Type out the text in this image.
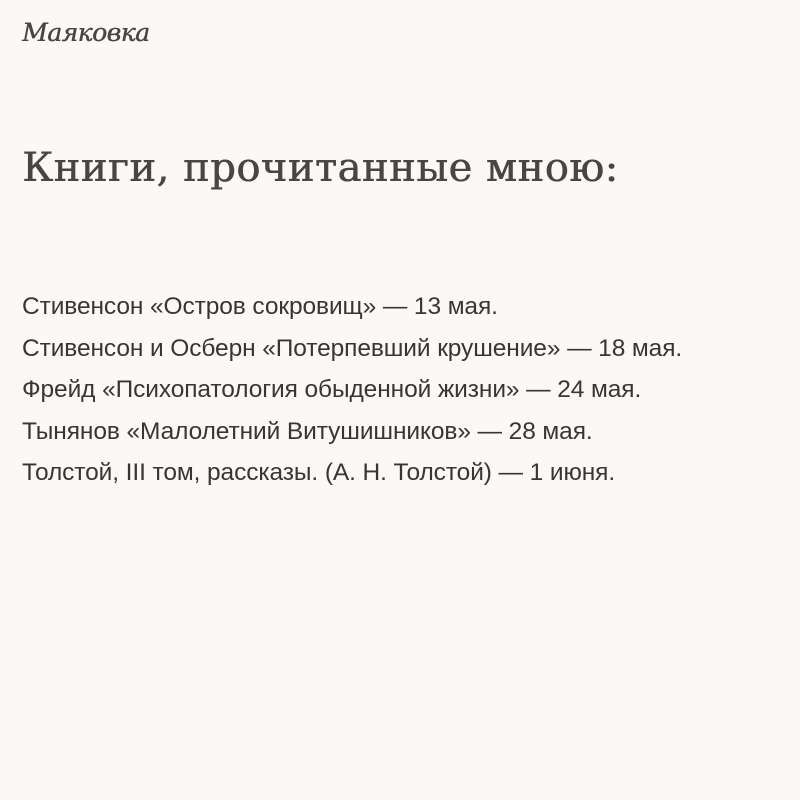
Маяковка
Книги, прочитанные мною:
Стивенсон «Остров сокровищ» — 13 мая.
Стивенсон и Осберн «Потерпевший крушение» — 18 мая.
Фрейд «Психопатология обыденной жизни» — 24 мая.
Тынянов «Малолетний Витушишников» — 28 мая.
Толстой, III том, рассказы. (А. Н. Толстой) — 1 июня.
